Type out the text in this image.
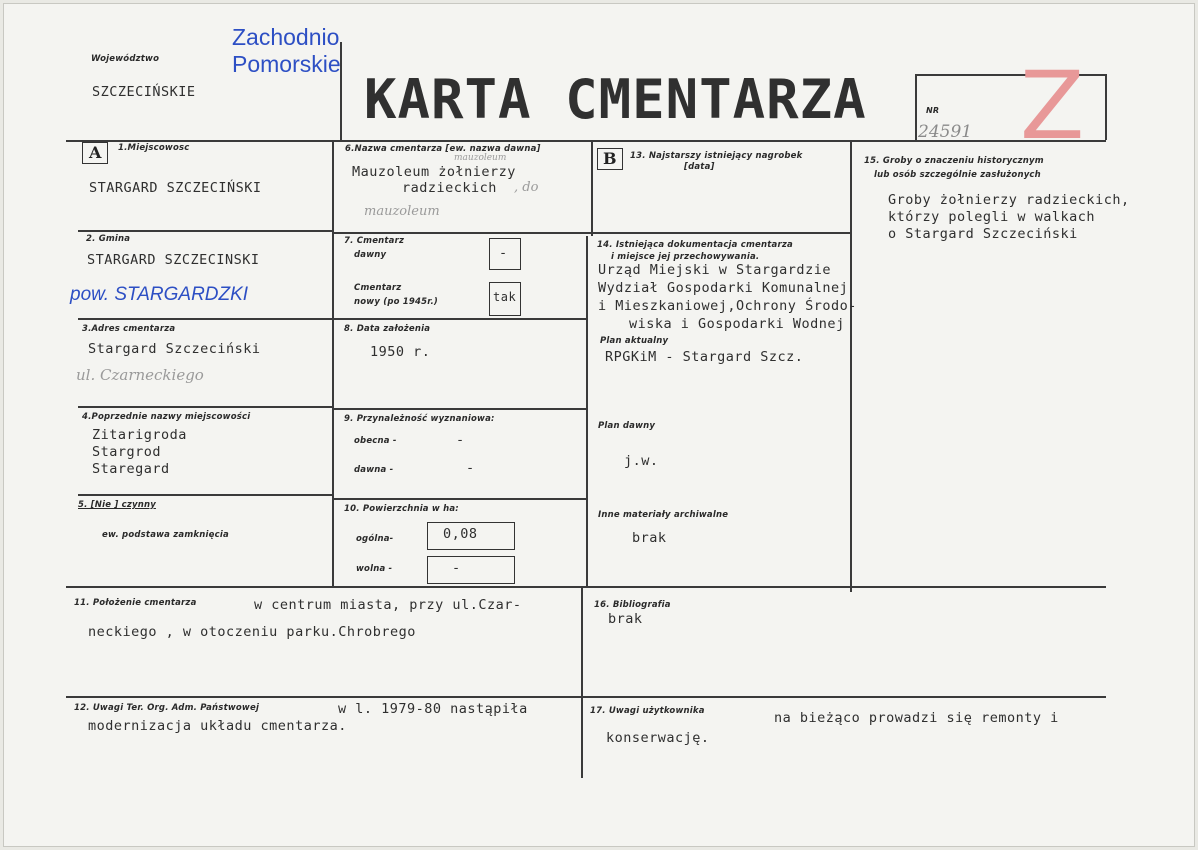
Województwo
SZCZECIŃSKIE
Zachodnio
Pomorskie
KARTA CMENTARZA	NR
24591 Z
A 1.Miejscowosc
STARGARD SZCZECIŃSKI
2. Gmina
STARGARD SZCZECINSKI
pow. STARGARDZKI
3.Adres cmentarza
Stargard Szczeciński
ul. Czarneckiego
4.Poprzednie nazwy miejscowości
Zitarigroda
Stargrod
Staregard
5. [Nie ] czynny
ew. podstawa zamknięcia
6.Nazwa cmentarza [ew. nazwa dawna]
mauzoleum
Mauzoleum żołnierzy
radzieckich , do
mauzoleum
7. Cmentarz
dawny	-
Cmentarz
nowy (po 1945r.)	tak
8. Data założenia
1950 r.
9. Przynależność wyznaniowa:
obecna -	-
dawna -	-
10. Powierzchnia w ha:
ogólna-	0,08
wolna -	-
B 13. Najstarszy istniejący nagrobek
[data]
14. Istniejąca dokumentacja cmentarza
i miejsce jej przechowywania.
Urząd Miejski w Stargardzie
Wydział Gospodarki Komunalnej
i Mieszkaniowej,Ochrony Środo-
wiska i Gospodarki Wodnej
Plan aktualny
RPGKiM - Stargard Szcz.
Plan dawny
j.w.
Inne materiały archiwalne
brak
15. Groby o znaczeniu historycznym
lub osób szczególnie zasłużonych
Groby żołnierzy radzieckich,
którzy polegli w walkach
o Stargard Szczeciński
11. Położenie cmentarza	w centrum miasta, przy ul.Czar-
neckiego , w otoczeniu parku.Chrobrego
16. Bibliografia
brak
12. Uwagi Ter. Org. Adm. Państwowej	w l. 1979-80 nastąpiła
modernizacja układu cmentarza.
17. Uwagi użytkownika	na bieżąco prowadzi się remonty i
konserwację.
